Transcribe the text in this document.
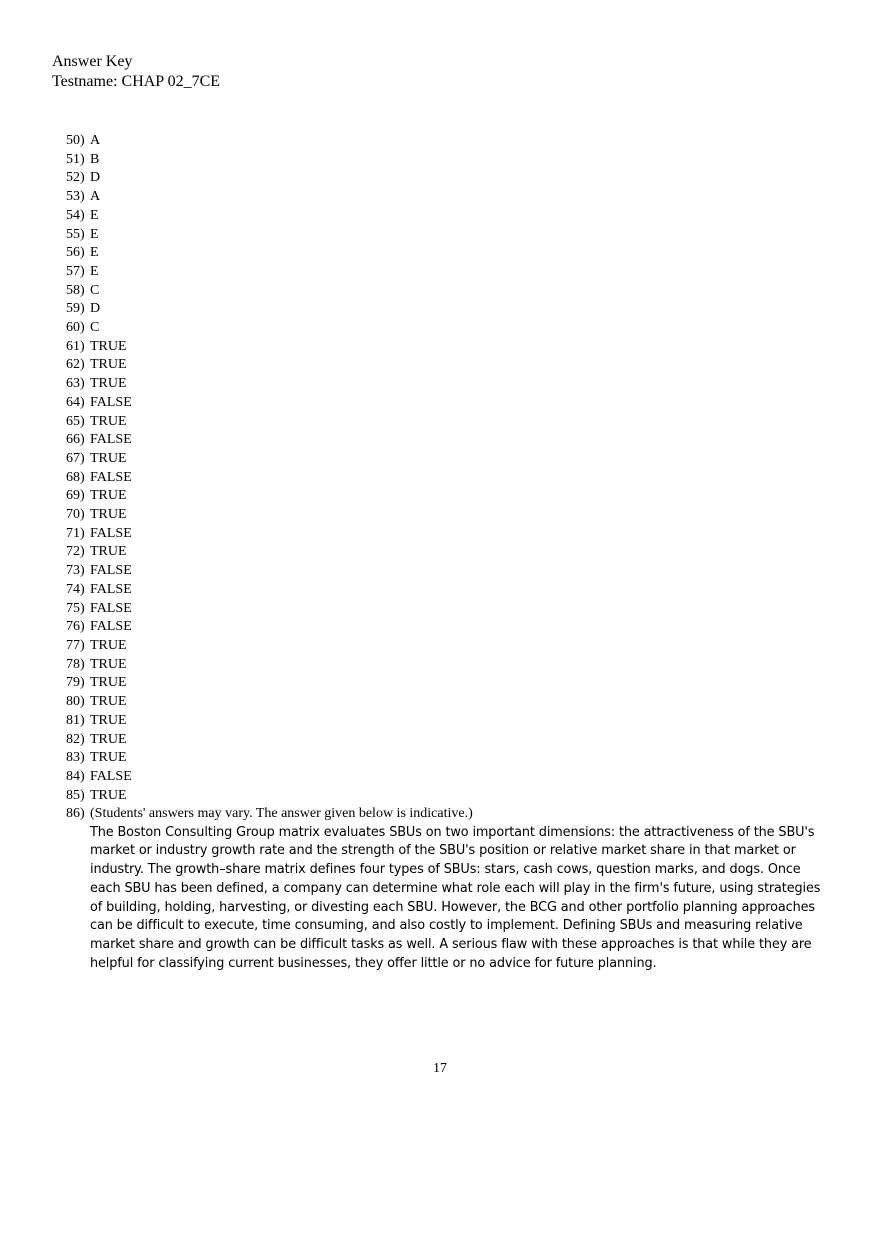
Answer Key
Testname: CHAP 02_7CE
50) A
51) B
52) D
53) A
54) E
55) E
56) E
57) E
58) C
59) D
60) C
61) TRUE
62) TRUE
63) TRUE
64) FALSE
65) TRUE
66) FALSE
67) TRUE
68) FALSE
69) TRUE
70) TRUE
71) FALSE
72) TRUE
73) FALSE
74) FALSE
75) FALSE
76) FALSE
77) TRUE
78) TRUE
79) TRUE
80) TRUE
81) TRUE
82) TRUE
83) TRUE
84) FALSE
85) TRUE
86) (Students' answers may vary. The answer given below is indicative.)
The Boston Consulting Group matrix evaluates SBUs on two important dimensions: the attractiveness of the SBU's market or industry growth rate and the strength of the SBU's position or relative market share in that market or industry. The growth–share matrix defines four types of SBUs: stars, cash cows, question marks, and dogs. Once each SBU has been defined, a company can determine what role each will play in the firm's future, using strategies of building, holding, harvesting, or divesting each SBU. However, the BCG and other portfolio planning approaches can be difficult to execute, time consuming, and also costly to implement. Defining SBUs and measuring relative market share and growth can be difficult tasks as well. A serious flaw with these approaches is that while they are helpful for classifying current businesses, they offer little or no advice for future planning.
17
